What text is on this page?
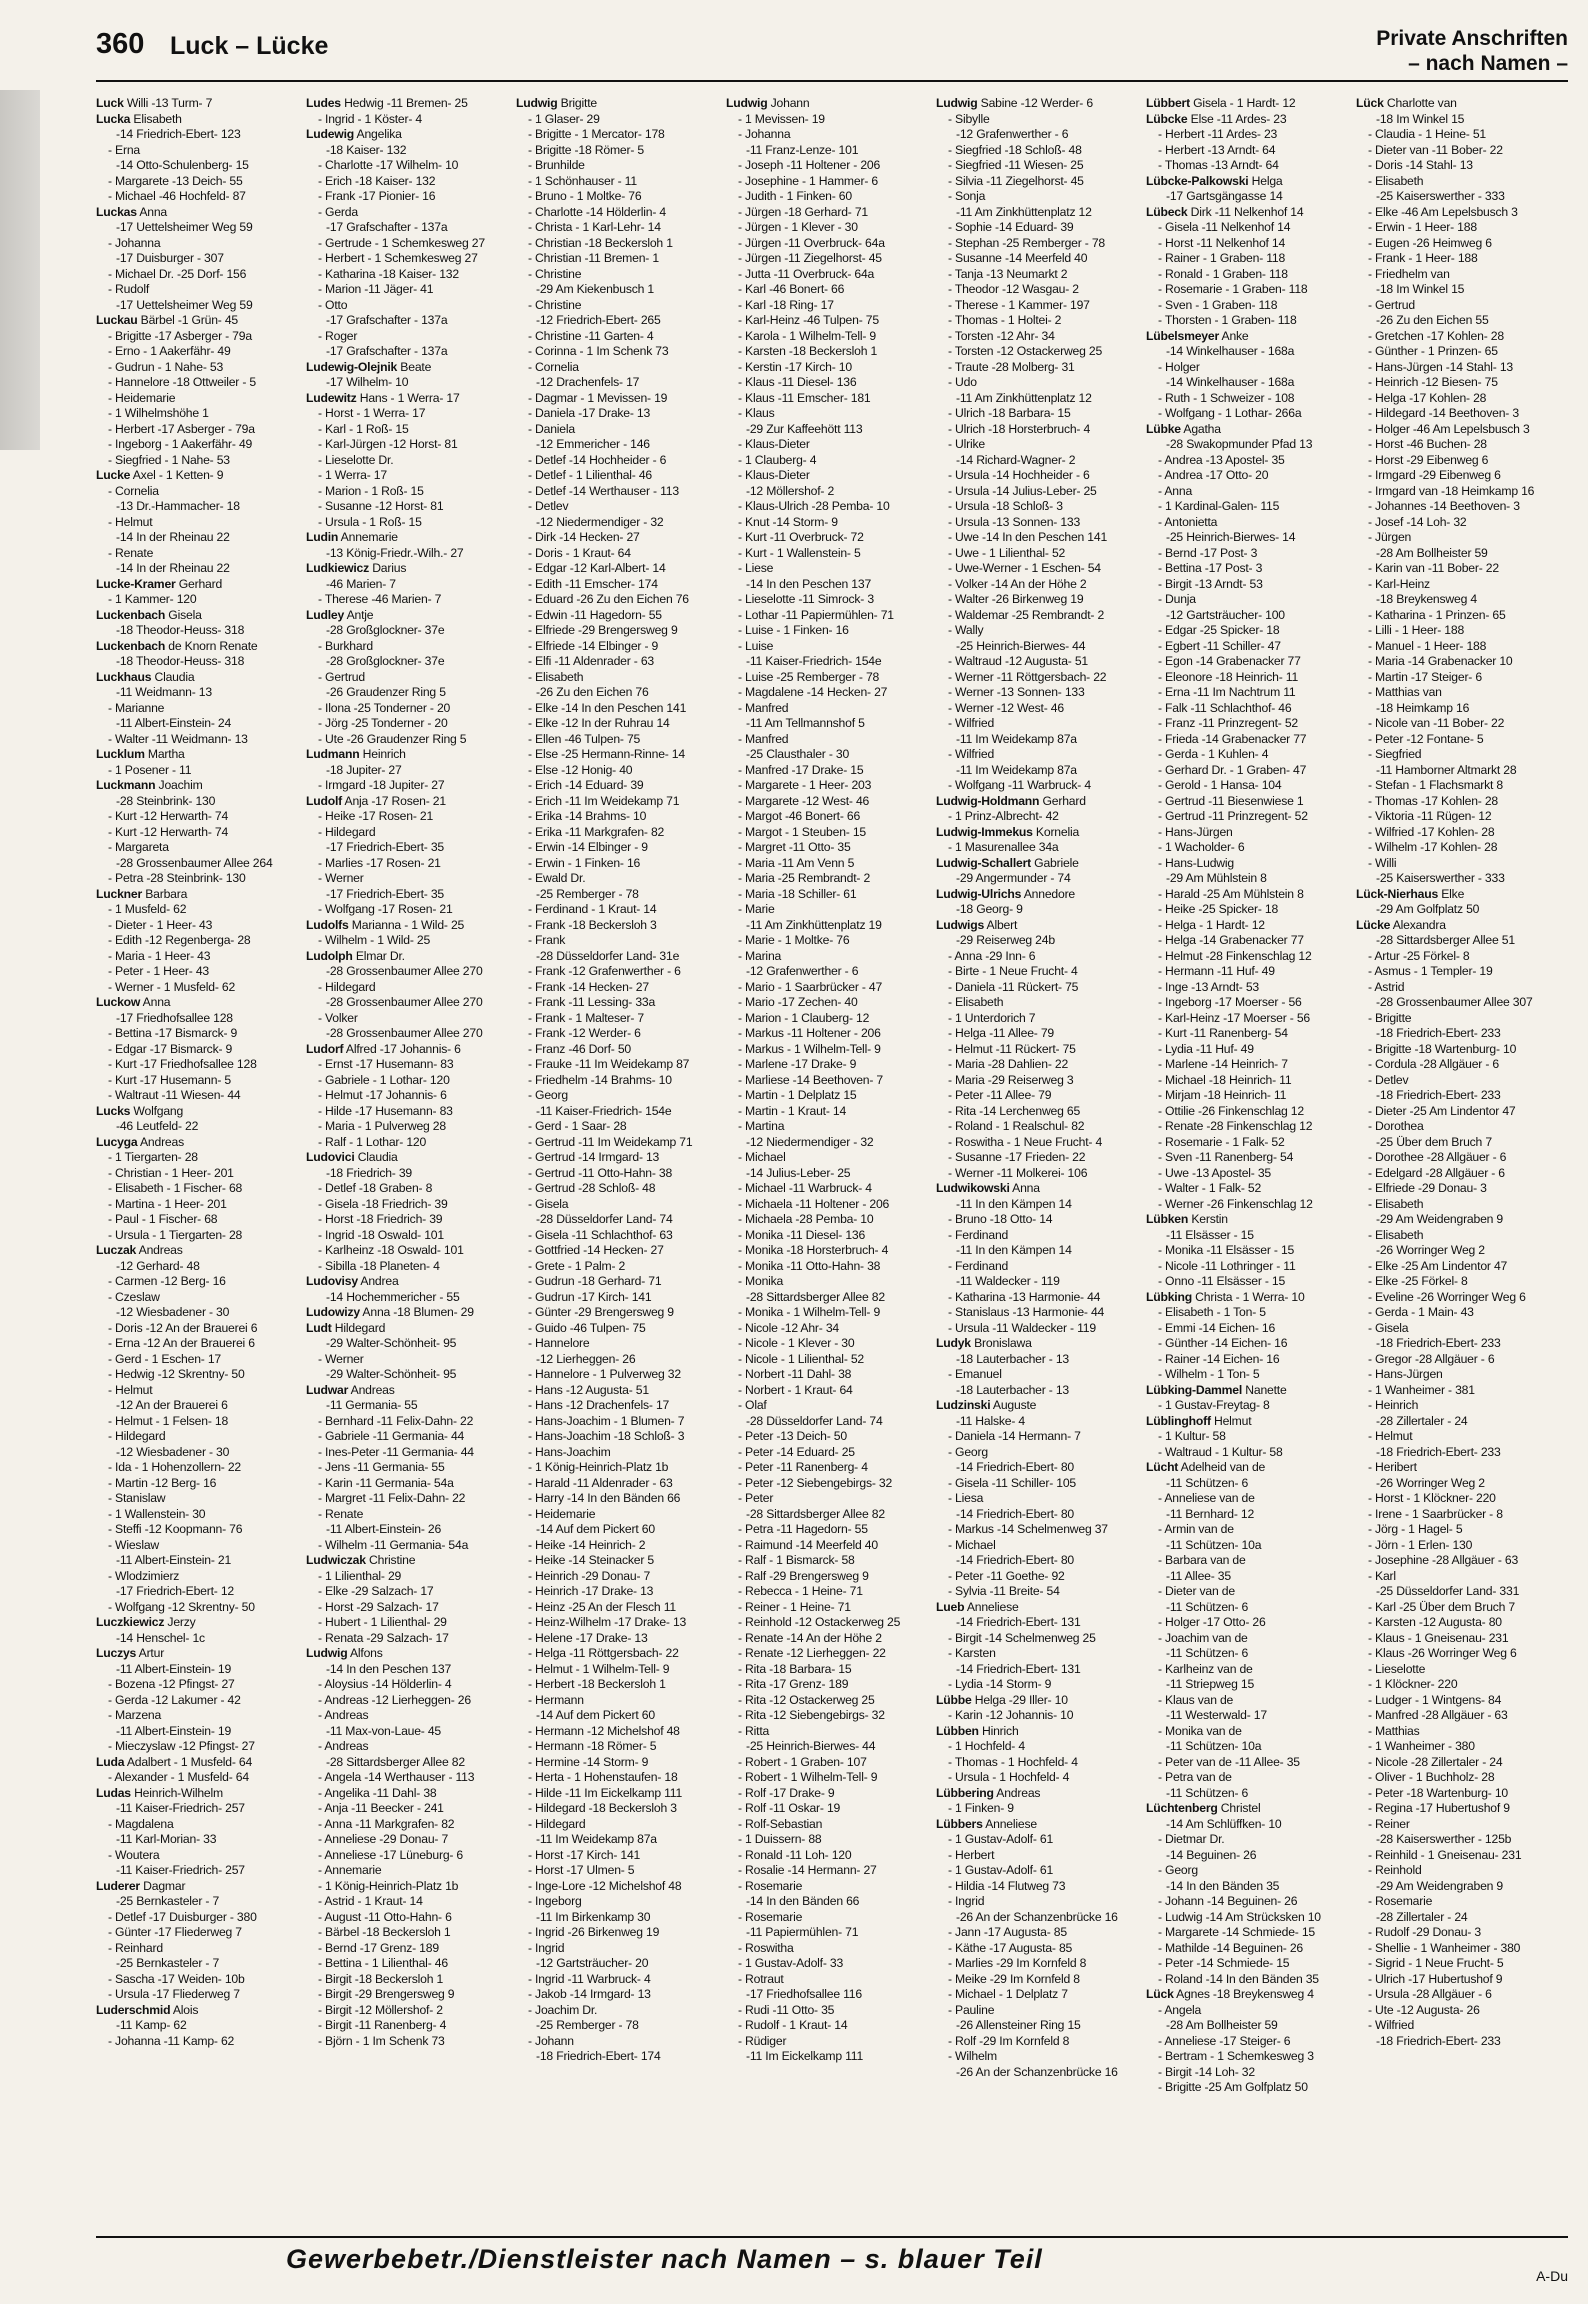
360 Luck – Lücke	Private Anschriften
– nach Namen –
Luck Willi -13 Turm- 7
Lucka Elisabeth
-14 Friedrich-Ebert- 123
- Erna
-14 Otto-Schulenberg- 15
- Margarete -13 Deich- 55
- Michael -46 Hochfeld- 87
Luckas Anna
-17 Uettelsheimer Weg 59
- Johanna
-17 Duisburger - 307
- Michael Dr. -25 Dorf- 156
- Rudolf
-17 Uettelsheimer Weg 59
Luckau Bärbel -1 Grün- 45
- Brigitte -17 Asberger - 79a
- Erno - 1 Aakerfähr- 49
- Gudrun - 1 Nahe- 53
- Hannelore -18 Ottweiler - 5
- Heidemarie
- 1 Wilhelmshöhe 1
- Herbert -17 Asberger - 79a
- Ingeborg - 1 Aakerfähr- 49
- Siegfried - 1 Nahe- 53
Lucke Axel - 1 Ketten- 9
- Cornelia
-13 Dr.-Hammacher- 18
- Helmut
-14 In der Rheinau 22
- Renate
-14 In der Rheinau 22
Lucke-Kramer Gerhard
- 1 Kammer- 120
Luckenbach Gisela
-18 Theodor-Heuss- 318
Luckenbach de Knorn Renate
-18 Theodor-Heuss- 318
Luckhaus Claudia
-11 Weidmann- 13
- Marianne
-11 Albert-Einstein- 24
- Walter -11 Weidmann- 13
Lucklum Martha
- 1 Posener - 11
Luckmann Joachim
-28 Steinbrink- 130
- Kurt -12 Herwarth- 74
- Kurt -12 Herwarth- 74
- Margareta
-28 Grossenbaumer Allee 264
- Petra -28 Steinbrink- 130
Luckner Barbara
- 1 Musfeld- 62
- Dieter - 1 Heer- 43
- Edith -12 Regenberga- 28
- Maria - 1 Heer- 43
- Peter - 1 Heer- 43
- Werner - 1 Musfeld- 62
Luckow Anna
-17 Friedhofsallee 128
- Bettina -17 Bismarck- 9
- Edgar -17 Bismarck- 9
- Kurt -17 Friedhofsallee 128
- Kurt -17 Husemann- 5
- Waltraut -11 Wiesen- 44
Lucks Wolfgang
-46 Leutfeld- 22
Lucyga Andreas
- 1 Tiergarten- 28
- Christian - 1 Heer- 201
- Elisabeth - 1 Fischer- 68
- Martina - 1 Heer- 201
- Paul - 1 Fischer- 68
- Ursula - 1 Tiergarten- 28
Luczak Andreas
-12 Gerhard- 48
- Carmen -12 Berg- 16
- Czeslaw
-12 Wiesbadener - 30
- Doris -12 An der Brauerei 6
- Erna -12 An der Brauerei 6
- Gerd - 1 Eschen- 17
- Hedwig -12 Skrentny- 50
- Helmut
-12 An der Brauerei 6
- Helmut - 1 Felsen- 18
- Hildegard
-12 Wiesbadener - 30
- Ida - 1 Hohenzollern- 22
- Martin -12 Berg- 16
- Stanislaw
- 1 Wallenstein- 30
- Steffi -12 Koopmann- 76
- Wieslaw
-11 Albert-Einstein- 21
- Wlodzimierz
-17 Friedrich-Ebert- 12
- Wolfgang -12 Skrentny- 50
Luczkiewicz Jerzy
-14 Henschel- 1c
Luczys Artur
-11 Albert-Einstein- 19
- Bozena -12 Pfingst- 27
- Gerda -12 Lakumer - 42
- Marzena
-11 Albert-Einstein- 19
- Mieczyslaw -12 Pfingst- 27
Luda Adalbert - 1 Musfeld- 64
- Alexander - 1 Musfeld- 64
Ludas Heinrich-Wilhelm
-11 Kaiser-Friedrich- 257
- Magdalena
-11 Karl-Morian- 33
- Woutera
-11 Kaiser-Friedrich- 257
Luderer Dagmar
-25 Bernkasteler - 7
- Detlef -17 Duisburger - 380
- Günter -17 Fliederweg 7
- Reinhard
-25 Bernkasteler - 7
- Sascha -17 Weiden- 10b
- Ursula -17 Fliederweg 7
Luderschmid Alois
-11 Kamp- 62
- Johanna -11 Kamp- 62
Ludes Hedwig -11 Bremen- 25
- Ingrid - 1 Köster- 4
Ludewig Angelika
-18 Kaiser- 132
- Charlotte -17 Wilhelm- 10
- Erich -18 Kaiser- 132
- Frank -17 Pionier- 16
- Gerda
-17 Grafschafter - 137a
- Gertrude - 1 Schemkesweg 27
- Herbert - 1 Schemkesweg 27
- Katharina -18 Kaiser- 132
- Marion -11 Jäger- 41
- Otto
-17 Grafschafter - 137a
- Roger
-17 Grafschafter - 137a
Ludewig-Olejnik Beate
-17 Wilhelm- 10
Ludewitz Hans - 1 Werra- 17
- Horst - 1 Werra- 17
- Karl - 1 Roß- 15
- Karl-Jürgen -12 Horst- 81
- Lieselotte Dr.
- 1 Werra- 17
- Marion - 1 Roß- 15
- Susanne -12 Horst- 81
- Ursula - 1 Roß- 15
Ludin Annemarie
-13 König-Friedr.-Wilh.- 27
Ludkiewicz Darius
-46 Marien- 7
- Therese -46 Marien- 7
Ludley Antje
-28 Großglockner- 37e
- Burkhard
-28 Großglockner- 37e
- Gertrud
-26 Graudenzer Ring 5
- Ilona -25 Tonderner - 20
- Jörg -25 Tonderner - 20
- Ute -26 Graudenzer Ring 5
Ludmann Heinrich
-18 Jupiter- 27
- Irmgard -18 Jupiter- 27
Ludolf Anja -17 Rosen- 21
- Heike -17 Rosen- 21
- Hildegard
-17 Friedrich-Ebert- 35
- Marlies -17 Rosen- 21
- Werner
-17 Friedrich-Ebert- 35
- Wolfgang -17 Rosen- 21
Ludolfs Marianna - 1 Wild- 25
- Wilhelm - 1 Wild- 25
Ludolph Elmar Dr.
-28 Grossenbaumer Allee 270
- Hildegard
-28 Grossenbaumer Allee 270
- Volker
-28 Grossenbaumer Allee 270
Ludorf Alfred -17 Johannis- 6
- Ernst -17 Husemann- 83
- Gabriele - 1 Lothar- 120
- Helmut -17 Johannis- 6
- Hilde -17 Husemann- 83
- Maria - 1 Pulverweg 28
- Ralf - 1 Lothar- 120
Ludovici Claudia
-18 Friedrich- 39
- Detlef -18 Graben- 8
- Gisela -18 Friedrich- 39
- Horst -18 Friedrich- 39
- Ingrid -18 Oswald- 101
- Karlheinz -18 Oswald- 101
- Sibilla -18 Planeten- 4
Ludovisy Andrea
-14 Hochemmericher - 55
Ludowizy Anna -18 Blumen- 29
Ludt Hildegard
-29 Walter-Schönheit- 95
- Werner
-29 Walter-Schönheit- 95
Ludwar Andreas
-11 Germania- 55
- Bernhard -11 Felix-Dahn- 22
- Gabriele -11 Germania- 44
- Ines-Peter -11 Germania- 44
- Jens -11 Germania- 55
- Karin -11 Germania- 54a
- Margret -11 Felix-Dahn- 22
- Renate
-11 Albert-Einstein- 26
- Wilhelm -11 Germania- 54a
Ludwiczak Christine
- 1 Lilienthal- 29
- Elke -29 Salzach- 17
- Horst -29 Salzach- 17
- Hubert - 1 Lilienthal- 29
- Renata -29 Salzach- 17
Ludwig Alfons
-14 In den Peschen 137
- Aloysius -14 Hölderlin- 4
- Andreas -12 Lierheggen- 26
- Andreas
-11 Max-von-Laue- 45
- Andreas
-28 Sittardsberger Allee 82
- Angela -14 Werthauser - 113
- Angelika -11 Dahl- 38
- Anja -11 Beecker - 241
- Anna -11 Markgrafen- 82
- Anneliese -29 Donau- 7
- Anneliese -17 Lüneburg- 6
- Annemarie
- 1 König-Heinrich-Platz 1b
- Astrid - 1 Kraut- 14
- August -11 Otto-Hahn- 6
- Bärbel -18 Beckersloh 1
- Bernd -17 Grenz- 189
- Bettina - 1 Lilienthal- 46
- Birgit -18 Beckersloh 1
- Birgit -29 Brengersweg 9
- Birgit -12 Möllershof- 2
- Birgit -11 Ranenberg- 4
- Björn - 1 Im Schenk 73
Ludwig Brigitte
- 1 Glaser- 29
- Brigitte - 1 Mercator- 178
- Brigitte -18 Römer- 5
- Brunhilde
- 1 Schönhauser - 11
- Bruno - 1 Moltke- 76
- Charlotte -14 Hölderlin- 4
- Christa - 1 Karl-Lehr- 14
- Christian -18 Beckersloh 1
- Christian -11 Bremen- 1
- Christine
-29 Am Kiekenbusch 1
- Christine
-12 Friedrich-Ebert- 265
- Christine -11 Garten- 4
- Corinna - 1 Im Schenk 73
- Cornelia
-12 Drachenfels- 17
- Dagmar - 1 Mevissen- 19
- Daniela -17 Drake- 13
- Daniela
-12 Emmericher - 146
- Detlef -14 Hochheider - 6
- Detlef - 1 Lilienthal- 46
- Detlef -14 Werthauser - 113
- Detlev
-12 Niedermendiger - 32
- Dirk -14 Hecken- 27
- Doris - 1 Kraut- 64
- Edgar -12 Karl-Albert- 14
- Edith -11 Emscher- 174
- Eduard -26 Zu den Eichen 76
- Edwin -11 Hagedorn- 55
- Elfriede -29 Brengersweg 9
- Elfriede -14 Elbinger - 9
- Elfi -11 Aldenrader - 63
- Elisabeth
-26 Zu den Eichen 76
- Elke -14 In den Peschen 141
- Elke -12 In der Ruhrau 14
- Ellen -46 Tulpen- 75
- Else -25 Hermann-Rinne- 14
- Else -12 Honig- 40
- Erich -14 Eduard- 39
- Erich -11 Im Weidekamp 71
- Erika -14 Brahms- 10
- Erika -11 Markgrafen- 82
- Erwin -14 Elbinger - 9
- Erwin - 1 Finken- 16
- Ewald Dr.
-25 Remberger - 78
- Ferdinand - 1 Kraut- 14
- Frank -18 Beckersloh 3
- Frank
-28 Düsseldorfer Land- 31e
- Frank -12 Grafenwerther - 6
- Frank -14 Hecken- 27
- Frank -11 Lessing- 33a
- Frank - 1 Malteser- 7
- Frank -12 Werder- 6
- Franz -46 Dorf- 50
- Frauke -11 Im Weidekamp 87
- Friedhelm -14 Brahms- 10
- Georg
-11 Kaiser-Friedrich- 154e
- Gerd - 1 Saar- 28
- Gertrud -11 Im Weidekamp 71
- Gertrud -14 Irmgard- 13
- Gertrud -11 Otto-Hahn- 38
- Gertrud -28 Schloß- 48
- Gisela
-28 Düsseldorfer Land- 74
- Gisela -11 Schlachthof- 63
- Gottfried -14 Hecken- 27
- Grete - 1 Palm- 2
- Gudrun -18 Gerhard- 71
- Gudrun -17 Kirch- 141
- Günter -29 Brengersweg 9
- Guido -46 Tulpen- 75
- Hannelore
-12 Lierheggen- 26
- Hannelore - 1 Pulverweg 32
- Hans -12 Augusta- 51
- Hans -12 Drachenfels- 17
- Hans-Joachim - 1 Blumen- 7
- Hans-Joachim -18 Schloß- 3
- Hans-Joachim
- 1 König-Heinrich-Platz 1b
- Harald -11 Aldenrader - 63
- Harry -14 In den Bänden 66
- Heidemarie
-14 Auf dem Pickert 60
- Heike -14 Heinrich- 2
- Heike -14 Steinacker 5
- Heinrich -29 Donau- 7
- Heinrich -17 Drake- 13
- Heinz -25 An der Flesch 11
- Heinz-Wilhelm -17 Drake- 13
- Helene -17 Drake- 13
- Helga -11 Röttgersbach- 22
- Helmut - 1 Wilhelm-Tell- 9
- Herbert -18 Beckersloh 1
- Hermann
-14 Auf dem Pickert 60
- Hermann -12 Michelshof 48
- Hermann -18 Römer- 5
- Hermine -14 Storm- 9
- Herta - 1 Hohenstaufen- 18
- Hilde -11 Im Eickelkamp 111
- Hildegard -18 Beckersloh 3
- Hildegard
-11 Im Weidekamp 87a
- Horst -17 Kirch- 141
- Horst -17 Ulmen- 5
- Inge-Lore -12 Michelshof 48
- Ingeborg
-11 Im Birkenkamp 30
- Ingrid -26 Birkenweg 19
- Ingrid
-12 Gartsträucher- 20
- Ingrid -11 Warbruck- 4
- Jakob -14 Irmgard- 13
- Joachim Dr.
-25 Remberger - 78
- Johann
-18 Friedrich-Ebert- 174
Ludwig Johann
- 1 Mevissen- 19
- Johanna
-11 Franz-Lenze- 101
- Joseph -11 Holtener - 206
- Josephine - 1 Hammer- 6
- Judith - 1 Finken- 60
- Jürgen -18 Gerhard- 71
- Jürgen - 1 Klever - 30
- Jürgen -11 Overbruck- 64a
- Jürgen -11 Ziegelhorst- 45
- Jutta -11 Overbruck- 64a
- Karl -46 Bonert- 66
- Karl -18 Ring- 17
- Karl-Heinz -46 Tulpen- 75
- Karola - 1 Wilhelm-Tell- 9
- Karsten -18 Beckersloh 1
- Kerstin -17 Kirch- 10
- Klaus -11 Diesel- 136
- Klaus -11 Emscher- 181
- Klaus
-29 Zur Kaffeehött 113
- Klaus-Dieter
- 1 Clauberg- 4
- Klaus-Dieter
-12 Möllershof- 2
- Klaus-Ulrich -28 Pemba- 10
- Knut -14 Storm- 9
- Kurt -11 Overbruck- 72
- Kurt - 1 Wallenstein- 5
- Liese
-14 In den Peschen 137
- Lieselotte -11 Simrock- 3
- Lothar -11 Papiermühlen- 71
- Luise - 1 Finken- 16
- Luise
-11 Kaiser-Friedrich- 154e
- Luise -25 Remberger - 78
- Magdalene -14 Hecken- 27
- Manfred
-11 Am Tellmannshof 5
- Manfred
-25 Clausthaler - 30
- Manfred -17 Drake- 15
- Margarete - 1 Heer- 203
- Margarete -12 West- 46
- Margot -46 Bonert- 66
- Margot - 1 Steuben- 15
- Margret -11 Otto- 35
- Maria -11 Am Venn 5
- Maria -25 Rembrandt- 2
- Maria -18 Schiller- 61
- Marie
-11 Am Zinkhüttenplatz 19
- Marie - 1 Moltke- 76
- Marina
-12 Grafenwerther - 6
- Mario - 1 Saarbrücker - 47
- Mario -17 Zechen- 40
- Marion - 1 Clauberg- 12
- Markus -11 Holtener - 206
- Markus - 1 Wilhelm-Tell- 9
- Marlene -17 Drake- 9
- Marliese -14 Beethoven- 7
- Martin - 1 Delplatz 15
- Martin - 1 Kraut- 14
- Martina
-12 Niedermendiger - 32
- Michael
-14 Julius-Leber- 25
- Michael -11 Warbruck- 4
- Michaela -11 Holtener - 206
- Michaela -28 Pemba- 10
- Monika -11 Diesel- 136
- Monika -18 Horsterbruch- 4
- Monika -11 Otto-Hahn- 38
- Monika
-28 Sittardsberger Allee 82
- Monika - 1 Wilhelm-Tell- 9
- Nicole -12 Ahr- 34
- Nicole - 1 Klever - 30
- Nicole - 1 Lilienthal- 52
- Norbert -11 Dahl- 38
- Norbert - 1 Kraut- 64
- Olaf
-28 Düsseldorfer Land- 74
- Peter -13 Deich- 50
- Peter -14 Eduard- 25
- Peter -11 Ranenberg- 4
- Peter -12 Siebengebirgs- 32
- Peter
-28 Sittardsberger Allee 82
- Petra -11 Hagedorn- 55
- Raimund -14 Meerfeld 40
- Ralf - 1 Bismarck- 58
- Ralf -29 Brengersweg 9
- Rebecca - 1 Heine- 71
- Reiner - 1 Heine- 71
- Reinhold -12 Ostackerweg 25
- Renate -14 An der Höhe 2
- Renate -12 Lierheggen- 22
- Rita -18 Barbara- 15
- Rita -17 Grenz- 189
- Rita -12 Ostackerweg 25
- Rita -12 Siebengebirgs- 32
- Ritta
-25 Heinrich-Bierwes- 44
- Robert - 1 Graben- 107
- Robert - 1 Wilhelm-Tell- 9
- Rolf -17 Drake- 9
- Rolf -11 Oskar- 19
- Rolf-Sebastian
- 1 Duissern- 88
- Ronald -11 Loh- 120
- Rosalie -14 Hermann- 27
- Rosemarie
-14 In den Bänden 66
- Rosemarie
-11 Papiermühlen- 71
- Roswitha
- 1 Gustav-Adolf- 33
- Rotraut
-17 Friedhofsallee 116
- Rudi -11 Otto- 35
- Rudolf - 1 Kraut- 14
- Rüdiger
-11 Im Eickelkamp 111
Ludwig Sabine -12 Werder- 6
- Sibylle
-12 Grafenwerther - 6
- Siegfried -18 Schloß- 48
- Siegfried -11 Wiesen- 25
- Silvia -11 Ziegelhorst- 45
- Sonja
-11 Am Zinkhüttenplatz 12
- Sophie -14 Eduard- 39
- Stephan -25 Remberger - 78
- Susanne -14 Meerfeld 40
- Tanja -13 Neumarkt 2
- Theodor -12 Wasgau- 2
- Therese - 1 Kammer- 197
- Thomas - 1 Holtei- 2
- Torsten -12 Ahr- 34
- Torsten -12 Ostackerweg 25
- Traute -28 Molberg- 31
- Udo
-11 Am Zinkhüttenplatz 12
- Ulrich -18 Barbara- 15
- Ulrich -18 Horsterbruch- 4
- Ulrike
-14 Richard-Wagner- 2
- Ursula -14 Hochheider - 6
- Ursula -14 Julius-Leber- 25
- Ursula -18 Schloß- 3
- Ursula -13 Sonnen- 133
- Uwe -14 In den Peschen 141
- Uwe - 1 Lilienthal- 52
- Uwe-Werner - 1 Eschen- 54
- Volker -14 An der Höhe 2
- Walter -26 Birkenweg 19
- Waldemar -25 Rembrandt- 2
- Wally
-25 Heinrich-Bierwes- 44
- Waltraud -12 Augusta- 51
- Werner -11 Röttgersbach- 22
- Werner -13 Sonnen- 133
- Werner -12 West- 46
- Wilfried
-11 Im Weidekamp 87a
- Wilfried
-11 Im Weidekamp 87a
- Wolfgang -11 Warbruck- 4
Ludwig-Holdmann Gerhard
- 1 Prinz-Albrecht- 42
Ludwig-Immekus Kornelia
- 1 Masurenallee 34a
Ludwig-Schallert Gabriele
-29 Angermunder - 74
Ludwig-Ulrichs Annedore
-18 Georg- 9
Ludwigs Albert
-29 Reiserweg 24b
- Anna -29 Inn- 6
- Birte - 1 Neue Frucht- 4
- Daniela -11 Rückert- 75
- Elisabeth
- 1 Unterdorich 7
- Helga -11 Allee- 79
- Helmut -11 Rückert- 75
- Maria -28 Dahlien- 22
- Maria -29 Reiserweg 3
- Peter -11 Allee- 79
- Rita -14 Lerchenweg 65
- Roland - 1 Realschul- 82
- Roswitha - 1 Neue Frucht- 4
- Susanne -17 Frieden- 22
- Werner -11 Molkerei- 106
Ludwikowski Anna
-11 In den Kämpen 14
- Bruno -18 Otto- 14
- Ferdinand
-11 In den Kämpen 14
- Ferdinand
-11 Waldecker - 119
- Katharina -13 Harmonie- 44
- Stanislaus -13 Harmonie- 44
- Ursula -11 Waldecker - 119
Ludyk Bronislawa
-18 Lauterbacher - 13
- Emanuel
-18 Lauterbacher - 13
Ludzinski Auguste
-11 Halske- 4
- Daniela -14 Hermann- 7
- Georg
-14 Friedrich-Ebert- 80
- Gisela -11 Schiller- 105
- Liesa
-14 Friedrich-Ebert- 80
- Markus -14 Schelmenweg 37
- Michael
-14 Friedrich-Ebert- 80
- Peter -11 Goethe- 92
- Sylvia -11 Breite- 54
Lueb Anneliese
-14 Friedrich-Ebert- 131
- Birgit -14 Schelmenweg 25
- Karsten
-14 Friedrich-Ebert- 131
- Lydia -14 Storm- 9
Lübbe Helga -29 Iller- 10
- Karin -12 Johannis- 10
Lübben Hinrich
- 1 Hochfeld- 4
- Thomas - 1 Hochfeld- 4
- Ursula - 1 Hochfeld- 4
Lübbering Andreas
- 1 Finken- 9
Lübbers Anneliese
- 1 Gustav-Adolf- 61
- Herbert
- 1 Gustav-Adolf- 61
- Hildia -14 Flutweg 73
- Ingrid
-26 An der Schanzenbrücke 16
- Jann -17 Augusta- 85
- Käthe -17 Augusta- 85
- Marlies -29 Im Kornfeld 8
- Meike -29 Im Kornfeld 8
- Michael - 1 Delplatz 7
- Pauline
-26 Allensteiner Ring 15
- Rolf -29 Im Kornfeld 8
- Wilhelm
-26 An der Schanzenbrücke 16
Lübbert Gisela - 1 Hardt- 12
Lübcke Else -11 Ardes- 23
- Herbert -11 Ardes- 23
- Herbert -13 Arndt- 64
- Thomas -13 Arndt- 64
Lübcke-Palkowski Helga
-17 Gartsgängasse 14
Lübeck Dirk -11 Nelkenhof 14
- Gisela -11 Nelkenhof 14
- Horst -11 Nelkenhof 14
- Rainer - 1 Graben- 118
- Ronald - 1 Graben- 118
- Rosemarie - 1 Graben- 118
- Sven - 1 Graben- 118
- Thorsten - 1 Graben- 118
Lübelsmeyer Anke
-14 Winkelhauser - 168a
- Holger
-14 Winkelhauser - 168a
- Ruth - 1 Schweizer - 108
- Wolfgang - 1 Lothar- 266a
Lübke Agatha
-28 Swakopmunder Pfad 13
- Andrea -13 Apostel- 35
- Andrea -17 Otto- 20
- Anna
- 1 Kardinal-Galen- 115
- Antonietta
-25 Heinrich-Bierwes- 14
- Bernd -17 Post- 3
- Bettina -17 Post- 3
- Birgit -13 Arndt- 53
- Dunja
-12 Gartsträucher- 100
- Edgar -25 Spicker- 18
- Egbert -11 Schiller- 47
- Egon -14 Grabenacker 77
- Eleonore -18 Heinrich- 11
- Erna -11 Im Nachtrum 11
- Falk -11 Schlachthof- 46
- Franz -11 Prinzregent- 52
- Frieda -14 Grabenacker 77
- Gerda - 1 Kuhlen- 4
- Gerhard Dr. - 1 Graben- 47
- Gerold - 1 Hansa- 104
- Gertrud -11 Biesenwiese 1
- Gertrud -11 Prinzregent- 52
- Hans-Jürgen
- 1 Wacholder- 6
- Hans-Ludwig
-29 Am Mühlstein 8
- Harald -25 Am Mühlstein 8
- Heike -25 Spicker- 18
- Helga - 1 Hardt- 12
- Helga -14 Grabenacker 77
- Helmut -28 Finkenschlag 12
- Hermann -11 Huf- 49
- Inge -13 Arndt- 53
- Ingeborg -17 Moerser - 56
- Karl-Heinz -17 Moerser - 56
- Kurt -11 Ranenberg- 54
- Lydia -11 Huf- 49
- Marlene -14 Heinrich- 7
- Michael -18 Heinrich- 11
- Mirjam -18 Heinrich- 11
- Ottilie -26 Finkenschlag 12
- Renate -28 Finkenschlag 12
- Rosemarie - 1 Falk- 52
- Sven -11 Ranenberg- 54
- Uwe -13 Apostel- 35
- Walter - 1 Falk- 52
- Werner -26 Finkenschlag 12
Lübken Kerstin
-11 Elsässer - 15
- Monika -11 Elsässer - 15
- Nicole -11 Lothringer - 11
- Onno -11 Elsässer - 15
Lübking Christa - 1 Werra- 10
- Elisabeth - 1 Ton- 5
- Emmi -14 Eichen- 16
- Günther -14 Eichen- 16
- Rainer -14 Eichen- 16
- Wilhelm - 1 Ton- 5
Lübking-Dammel Nanette
- 1 Gustav-Freytag- 8
Lüblinghoff Helmut
- 1 Kultur- 58
- Waltraud - 1 Kultur- 58
Lücht Adelheid van de
-11 Schützen- 6
- Anneliese van de
-11 Bernhard- 12
- Armin van de
-11 Schützen- 10a
- Barbara van de
-11 Allee- 35
- Dieter van de
-11 Schützen- 6
- Holger -17 Otto- 26
- Joachim van de
-11 Schützen- 6
- Karlheinz van de
-11 Striepweg 15
- Klaus van de
-11 Westerwald- 17
- Monika van de
-11 Schützen- 10a
- Peter van de -11 Allee- 35
- Petra van de
-11 Schützen- 6
Lüchtenberg Christel
-14 Am Schlüffken- 10
- Dietmar Dr.
-14 Beguinen- 26
- Georg
-14 In den Bänden 35
- Johann -14 Beguinen- 26
- Ludwig -14 Am Strücksken 10
- Margarete -14 Schmiede- 15
- Mathilde -14 Beguinen- 26
- Peter -14 Schmiede- 15
- Roland -14 In den Bänden 35
Lück Agnes -18 Breykensweg 4
- Angela
-28 Am Bollheister 59
- Anneliese -17 Steiger- 6
- Bertram - 1 Schemkesweg 3
- Birgit -14 Loh- 32
- Brigitte -25 Am Golfplatz 50
Lück Charlotte van
-18 Im Winkel 15
- Claudia - 1 Heine- 51
- Dieter van -11 Bober- 22
- Doris -14 Stahl- 13
- Elisabeth
-25 Kaiserswerther - 333
- Elke -46 Am Lepelsbusch 3
- Erwin - 1 Heer- 188
- Eugen -26 Heimweg 6
- Frank - 1 Heer- 188
- Friedhelm van
-18 Im Winkel 15
- Gertrud
-26 Zu den Eichen 55
- Gretchen -17 Kohlen- 28
- Günther - 1 Prinzen- 65
- Hans-Jürgen -14 Stahl- 13
- Heinrich -12 Biesen- 75
- Helga -17 Kohlen- 28
- Hildegard -14 Beethoven- 3
- Holger -46 Am Lepelsbusch 3
- Horst -46 Buchen- 28
- Horst -29 Eibenweg 6
- Irmgard -29 Eibenweg 6
- Irmgard van -18 Heimkamp 16
- Johannes -14 Beethoven- 3
- Josef -14 Loh- 32
- Jürgen
-28 Am Bollheister 59
- Karin van -11 Bober- 22
- Karl-Heinz
-18 Breykensweg 4
- Katharina - 1 Prinzen- 65
- Lilli - 1 Heer- 188
- Manuel - 1 Heer- 188
- Maria -14 Grabenacker 10
- Martin -17 Steiger- 6
- Matthias van
-18 Heimkamp 16
- Nicole van -11 Bober- 22
- Peter -12 Fontane- 5
- Siegfried
-11 Hamborner Altmarkt 28
- Stefan - 1 Flachsmarkt 8
- Thomas -17 Kohlen- 28
- Viktoria -11 Rügen- 12
- Wilfried -17 Kohlen- 28
- Wilhelm -17 Kohlen- 28
- Willi
-25 Kaiserswerther - 333
Lück-Nierhaus Elke
-29 Am Golfplatz 50
Lücke Alexandra
-28 Sittardsberger Allee 51
- Artur -25 Förkel- 8
- Asmus - 1 Templer- 19
- Astrid
-28 Grossenbaumer Allee 307
- Brigitte
-18 Friedrich-Ebert- 233
- Brigitte -18 Wartenburg- 10
- Cordula -28 Allgäuer - 6
- Detlev
-18 Friedrich-Ebert- 233
- Dieter -25 Am Lindentor 47
- Dorothea
-25 Über dem Bruch 7
- Dorothee -28 Allgäuer - 6
- Edelgard -28 Allgäuer - 6
- Elfriede -29 Donau- 3
- Elisabeth
-29 Am Weidengraben 9
- Elisabeth
-26 Worringer Weg 2
- Elke -25 Am Lindentor 47
- Elke -25 Förkel- 8
- Eveline -26 Worringer Weg 6
- Gerda - 1 Main- 43
- Gisela
-18 Friedrich-Ebert- 233
- Gregor -28 Allgäuer - 6
- Hans-Jürgen
- 1 Wanheimer - 381
- Heinrich
-28 Zillertaler - 24
- Helmut
-18 Friedrich-Ebert- 233
- Heribert
-26 Worringer Weg 2
- Horst - 1 Klöckner- 220
- Irene - 1 Saarbrücker - 8
- Jörg - 1 Hagel- 5
- Jörn - 1 Erlen- 130
- Josephine -28 Allgäuer - 63
- Karl
-25 Düsseldorfer Land- 331
- Karl -25 Über dem Bruch 7
- Karsten -12 Augusta- 80
- Klaus - 1 Gneisenau- 231
- Klaus -26 Worringer Weg 6
- Lieselotte
- 1 Klöckner- 220
- Ludger - 1 Wintgens- 84
- Manfred -28 Allgäuer - 63
- Matthias
- 1 Wanheimer - 380
- Nicole -28 Zillertaler - 24
- Oliver - 1 Buchholz- 28
- Peter -18 Wartenburg- 10
- Regina -17 Hubertushof 9
- Reiner
-28 Kaiserswerther - 125b
- Reinhild - 1 Gneisenau- 231
- Reinhold
-29 Am Weidengraben 9
- Rosemarie
-28 Zillertaler - 24
- Rudolf -29 Donau- 3
- Shellie - 1 Wanheimer - 380
- Sigrid - 1 Neue Frucht- 5
- Ulrich -17 Hubertushof 9
- Ursula -28 Allgäuer - 6
- Ute -12 Augusta- 26
- Wilfried
-18 Friedrich-Ebert- 233
Gewerbebetr./Dienstleister nach Namen – s. blauer Teil
A-Du
